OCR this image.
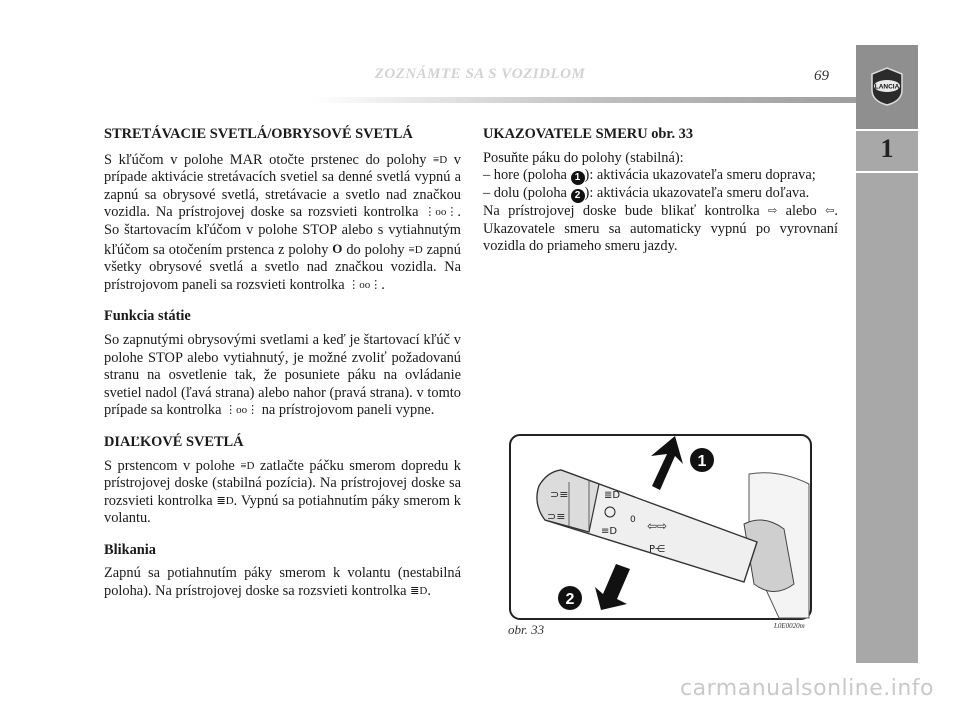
ZOZNÁMTE SA S VOZIDLOM	69
1
LANCIA
STRETÁVACIE SVETLÁ/OBRYSOVÉ SVETLÁ

S kľúčom v polohe MAR otočte prstenec do polohy ≡D v prípade aktivácie stretávacích svetiel sa denné svetlá vypnú a zapnú sa obrysové svetlá, stretávacie a svetlo nad značkou vozidla. Na prístrojovej doske sa rozsvieti kontrolka ⋮oo⋮. So štartovacím kľúčom v polohe STOP alebo s vytiahnutým kľúčom sa otočením prstenca z polohy O do polohy ≡D zapnú všetky obrysové svetlá a svetlo nad značkou vozidla. Na prístrojovom paneli sa rozsvieti kontrolka ⋮oo⋮.

Funkcia státie

So zapnutými obrysovými svetlami a keď je štartovací kľúč v polohe STOP alebo vytiahnutý, je možné zvoliť požadovanú stranu na osvetlenie tak, že posuniete páku na ovládanie svetiel nadol (ľavá strana) alebo nahor (pravá strana). v tomto prípade sa kontrolka ⋮oo⋮ na prístrojovom paneli vypne.

DIAĽKOVÉ SVETLÁ

S prstencom v polohe ≡D zatlačte páčku smerom dopredu k prístrojovej doske (stabilná pozícia). Na prístrojovej doske sa rozsvieti kontrolka ≣D. Vypnú sa potiahnutím páky smerom k volantu.

Blikania

Zapnú sa potiahnutím páky smerom k volantu (nestabilná poloha). Na prístrojovej doske sa rozsvieti kontrolka ≣D.

UKAZOVATELE SMERU obr. 33

Posuňte páku do polohy (stabilná):

– hore (poloha 1 ): aktivácia ukazovateľa smeru doprava;

– dolu (poloha 2 ): aktivácia ukazovateľa smeru doľava.

Na prístrojovej doske bude blikať kontrolka ⇨ alebo ⇦. Ukazovatele smeru sa automaticky vypnú po vyrovnaní vozidla do priameho smeru jazdy.

⊃≡
⊃≡
≣D
≡D
0 ⇦⇨
P⋲
1
2
obr. 33	L0E0020m
carmanualsonline.info
